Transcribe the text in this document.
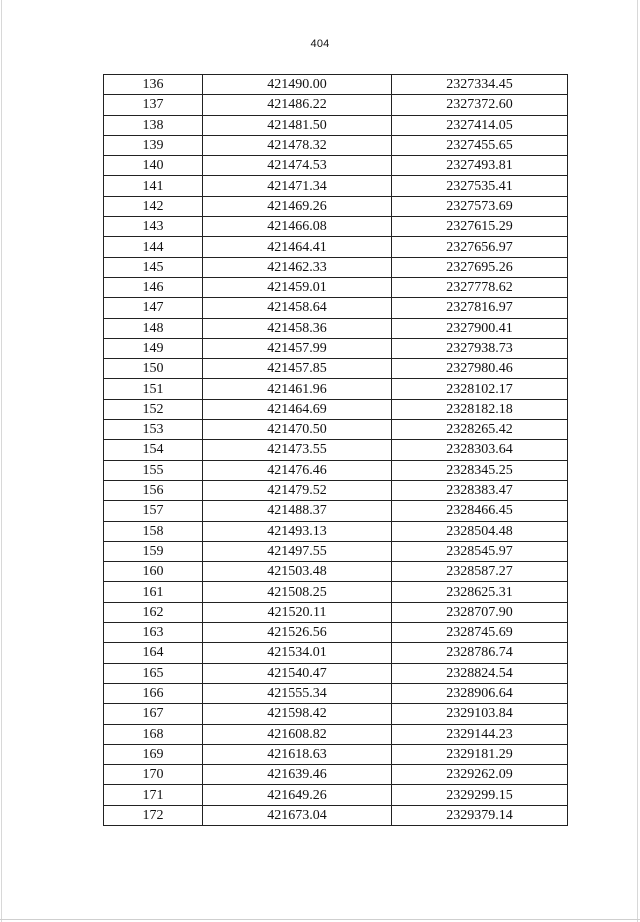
404
136	421490.00	2327334.45
137	421486.22	2327372.60
138	421481.50	2327414.05
139	421478.32	2327455.65
140	421474.53	2327493.81
141	421471.34	2327535.41
142	421469.26	2327573.69
143	421466.08	2327615.29
144	421464.41	2327656.97
145	421462.33	2327695.26
146	421459.01	2327778.62
147	421458.64	2327816.97
148	421458.36	2327900.41
149	421457.99	2327938.73
150	421457.85	2327980.46
151	421461.96	2328102.17
152	421464.69	2328182.18
153	421470.50	2328265.42
154	421473.55	2328303.64
155	421476.46	2328345.25
156	421479.52	2328383.47
157	421488.37	2328466.45
158	421493.13	2328504.48
159	421497.55	2328545.97
160	421503.48	2328587.27
161	421508.25	2328625.31
162	421520.11	2328707.90
163	421526.56	2328745.69
164	421534.01	2328786.74
165	421540.47	2328824.54
166	421555.34	2328906.64
167	421598.42	2329103.84
168	421608.82	2329144.23
169	421618.63	2329181.29
170	421639.46	2329262.09
171	421649.26	2329299.15
172	421673.04	2329379.14
